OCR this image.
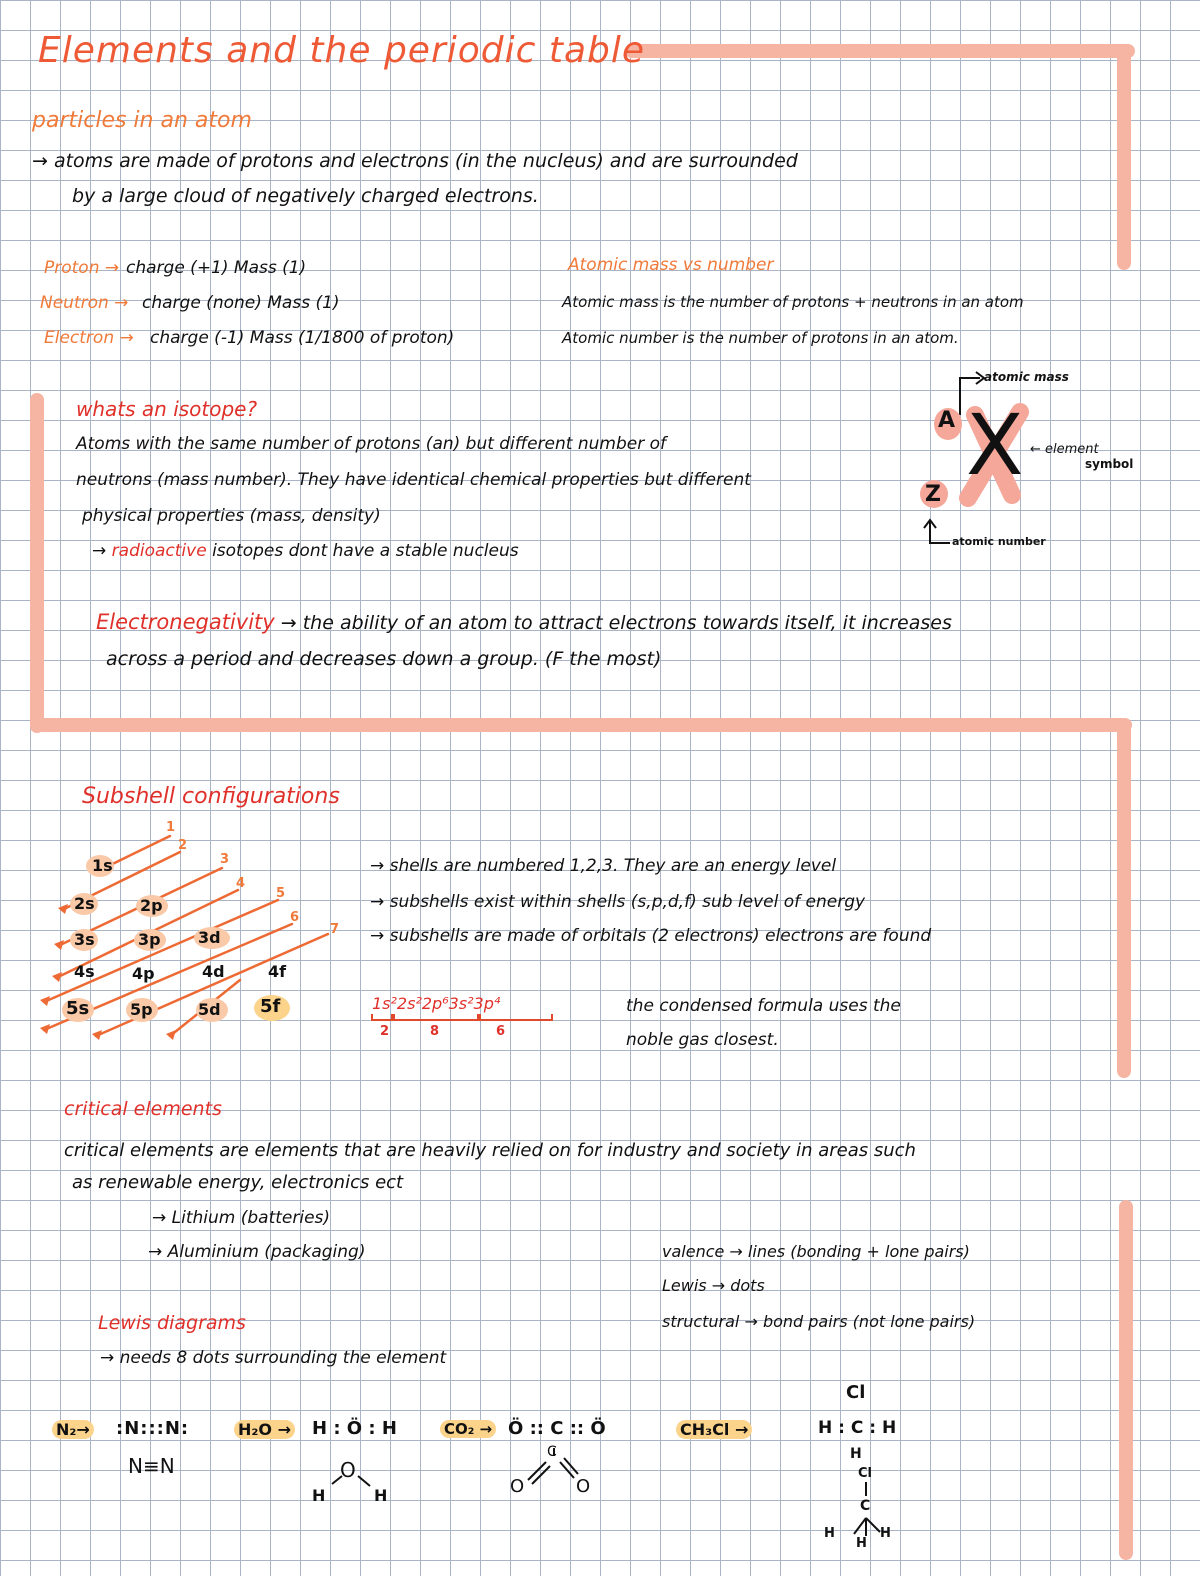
Elements and the periodic table
particles in an atom
→ atoms are made of protons and electrons (in the nucleus) and are surrounded
by a large cloud of negatively charged electrons.
Proton → charge (+1) Mass (1)
Neutron → charge (none) Mass (1)
Electron → charge (-1) Mass (1/1800 of proton)
Atomic mass vs number
Atomic mass is the number of protons + neutrons in an atom
Atomic number is the number of protons in an atom.
whats an isotope?
Atoms with the same number of protons (an) but different number of
neutrons (mass number). They have identical chemical properties but different
physical properties (mass, density)
→ radioactive isotopes dont have a stable nucleus
atomic mass
A X
Z
← element
symbol
atomic number
Electronegativity → the ability of an atom to attract electrons towards itself, it increases
across a period and decreases down a group. (F the most)
Subshell configurations
1s
2s	2p
3s	3p 3d
4s 4p	4d	4f
5s	5p	5d 5f
1
2
3
4
5
6
7
→ shells are numbered 1,2,3. They are an energy level
→ subshells exist within shells (s,p,d,f) sub level of energy
→ subshells are made of orbitals (2 electrons) electrons are found
1s²2s²2p⁶3s²3p⁴
2	8	6
the condensed formula uses the
noble gas closest.
critical elements
critical elements are elements that are heavily relied on for industry and society in areas such
as renewable energy, electronics ect
→ Lithium (batteries)
→ Aluminium (packaging)	valence → lines (bonding + lone pairs)
Lewis → dots
structural → bond pairs (not lone pairs)
Lewis diagrams
→ needs 8 dots surrounding the element
N₂→ :N:::N:
N≡N
H₂O → H : Ö : H	CO₂ → Ö :: C :: Ö	CH₃Cl →
Cl
H : C : H
H
O
H	H	O
C
O
Cl
C
H
H
H
